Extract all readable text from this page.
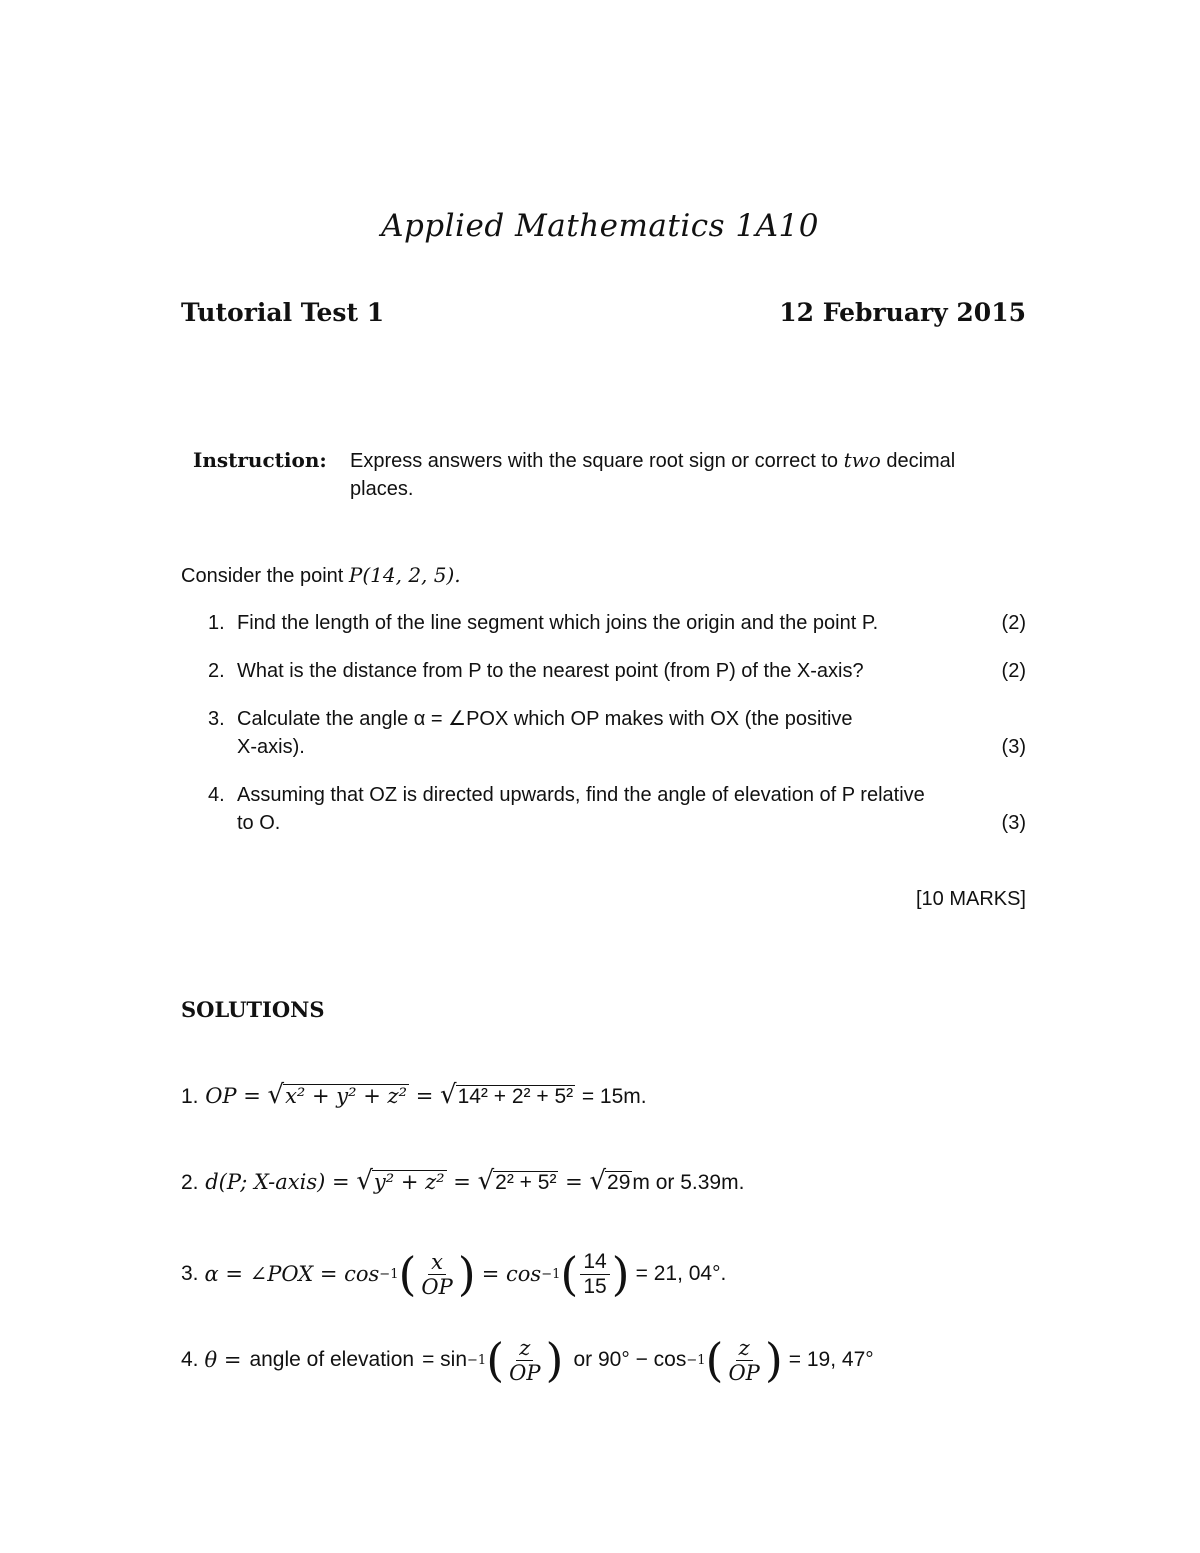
Applied Mathematics 1A10
Tutorial Test 1	12 February 2015
Instruction: Express answers with the square root sign or correct to two decimal
places.
Consider the point P(14, 2, 5).
1. Find the length of the line segment which joins the origin and the point P.	(2)
2. What is the distance from P to the nearest point (from P) of the X-axis?	(2)
3. Calculate the angle α = ∠POX which OP makes with OX (the positive
X-axis).	(3)
4. Assuming that OZ is directed upwards, find the angle of elevation of P relative
to O.	(3)
[10 MARKS]
SOLUTIONS
1. OP = √x² + y² + z² = √14² + 2² + 5² = 15m.
2. d(P; X-axis) = √y² + z² = √2² + 5² = √29m or 5.39m.
3. α = ∠POX = cos −1 ( $\frac{x}{OP}$ ) = cos −1 ( $\frac{14}{15}$ ) = 21, 04°.
4. θ = angle of elevation = sin −1 ( $\frac{z}{OP}$ ) or 90° − cos −1 ( $\frac{z}{OP}$ ) = 19, 47°
